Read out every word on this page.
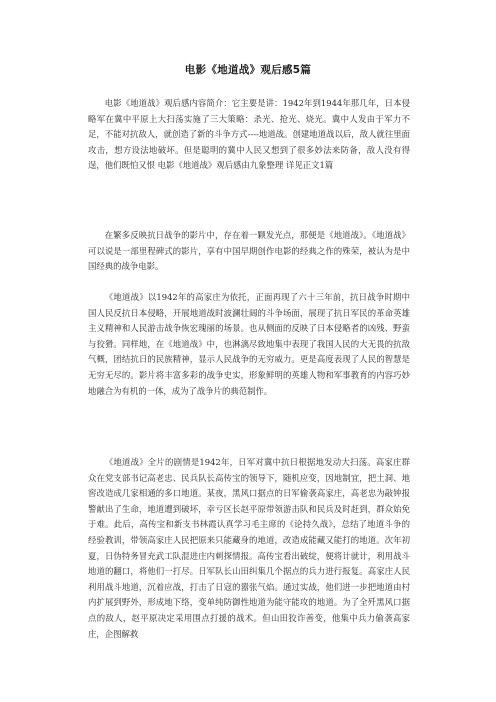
电影《地道战》观后感5篇

电影《地道战》观后感内容简介：它主要是讲：1942年到1944年那几年，日本侵略军在冀中平原上大扫荡实施了三大策略：杀光、抢光、烧光。冀中人发由于军力不足，不能对抗敌人，就创造了新的斗争方式----地道战。创建地道战以后，敌人就往里面攻击，想方设法地破坏。但是聪明的冀中人民又想到了很多妙法来防备，敌人没有得逞，他们既怕又恨 电影《地道战》观后感由九象整理 详见正文1篇

在繁多反映抗日战争的影片中，存在着一颗发光点，那便是《地道战》。《地道战》可以说是一部里程碑式的影片，享有中国早期创作电影的经典之作的殊荣，被认为是中国经典的战争电影。

《地道战》以1942年的高家庄为依托，正面再现了六十三年前，抗日战争时期中国人民反抗日本侵略，开展地道战时波澜壮阔的斗争场面，展现了抗日军民的革命英雄主义精神和人民游击战争恢宏瑰丽的场景。也从侧面的反映了日本侵略者的凶残、野蛮与狡猾。同样地，在《地道战》中，也淋漓尽致地集中表现了我国人民的大无畏的抗敌气概，团结抗日的民族精神，显示人民战争的无穷威力。更是高度表现了人民的智慧是无穷无尽的。影片将丰富多彩的战争史实，形象鲜明的英雄人物和军事教育的内容巧妙地融合为有机的一体，成为了战争片的典范制作。

《地道战》全片的剧情是1942年，日军对冀中抗日根据地发动大扫荡。高家庄群众在党支部书记高老忠、民兵队长高传宝的领导下，随机应变，因地制宜，把土洞、地窖改造成几家相通的多口地道。某夜，黑风口据点的日军偷袭高家庄，高老忠为敲钟报警献出了生命，地道遭到破坏，幸亏区长赵平原带领游击队和民兵及时赶到，群众始免于难。此后，高传宝和新支书林霞认真学习毛主席的《论持久战》，总结了地道斗争的经验教训，带领高家庄人民把原来只能藏身的地道，改造成能藏又能打的地道。次年初夏，日伪特务冒充武工队混进庄内刺探情报。高传宝看出破绽，便将计就计，利用战斗地道的翻口，将他们一打尽。日军队长山田纠集几个据点的兵力进行报复。高家庄人民利用战斗地道，沉着应战，打击了日寇的嚣张气焰。通过实战，他们进一步把地道由村内扩展到野外，形成地下络，变单纯防御性地道为能守能攻的地道。为了全歼黑风口据点的敌人，赵平原决定采用围点打援的战术。但山田狡诈善变，他集中兵力偷袭高家庄，企图解救
